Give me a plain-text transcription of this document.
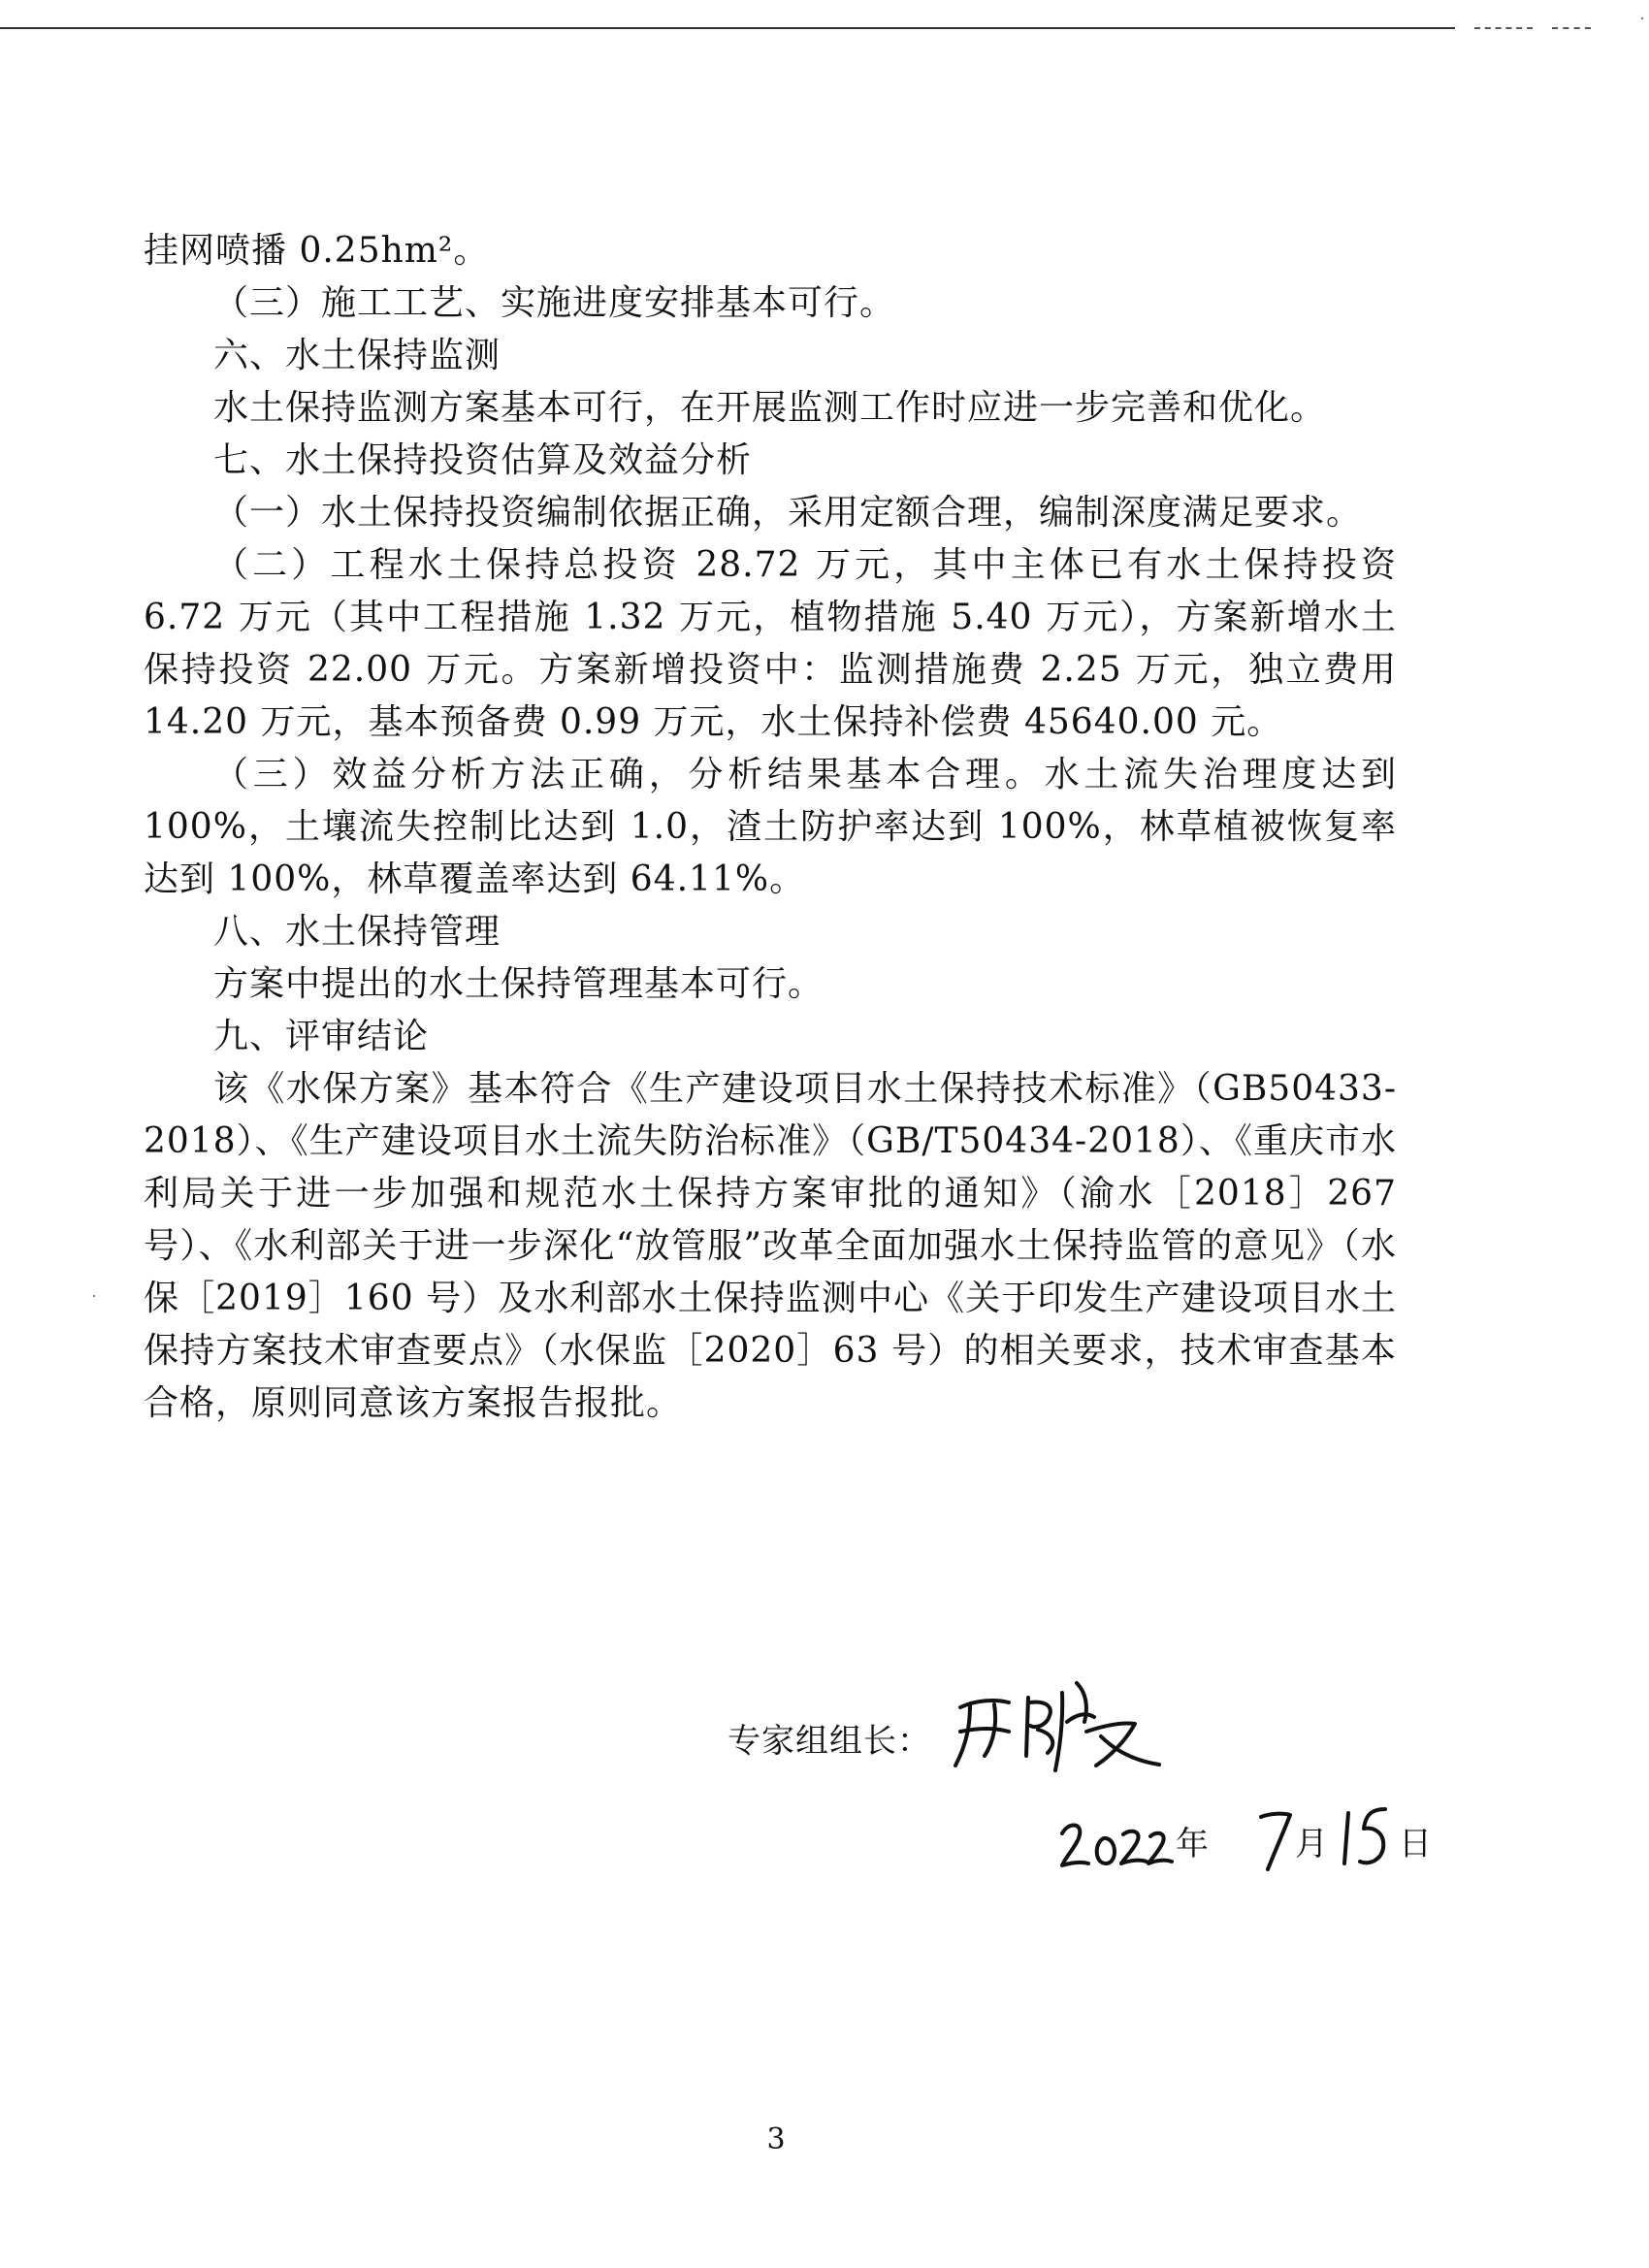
挂网喷播 0.25hm²。

（三）施工工艺、实施进度安排基本可行。

六、水土保持监测

水土保持监测方案基本可行，在开展监测工作时应进一步完善和优化。

七、水土保持投资估算及效益分析

（一）水土保持投资编制依据正确，采用定额合理，编制深度满足要求。

（二）工程水土保持总投资 28.72 万元，其中主体已有水土保持投资 6.72 万元（其中工程措施 1.32 万元，植物措施 5.40 万元），方案新增水土保持投资 22.00 万元。方案新增投资中：监测措施费 2.25 万元，独立费用 14.20 万元，基本预备费 0.99 万元，水土保持补偿费 45640.00 元。

（三）效益分析方法正确，分析结果基本合理。水土流失治理度达到 100%，土壤流失控制比达到 1.0，渣土防护率达到 100%，林草植被恢复率达到 100%，林草覆盖率达到 64.11%。

八、水土保持管理

方案中提出的水土保持管理基本可行。

九、评审结论

该《水保方案》基本符合《生产建设项目水土保持技术标准》（GB50433-2018）、《生产建设项目水土流失防治标准》（GB/T50434-2018）、《重庆市水利局关于进一步加强和规范水土保持方案审批的通知》（渝水［2018］267 号）、《水利部关于进一步深化“放管服”改革全面加强水土保持监管的意见》（水保［2019］160 号）及水利部水土保持监测中心《关于印发生产建设项目水土保持方案技术审查要点》（水保监［2020］63 号）的相关要求，技术审查基本合格，原则同意该方案报告报批。

专家组组长：
年	月 日
3
